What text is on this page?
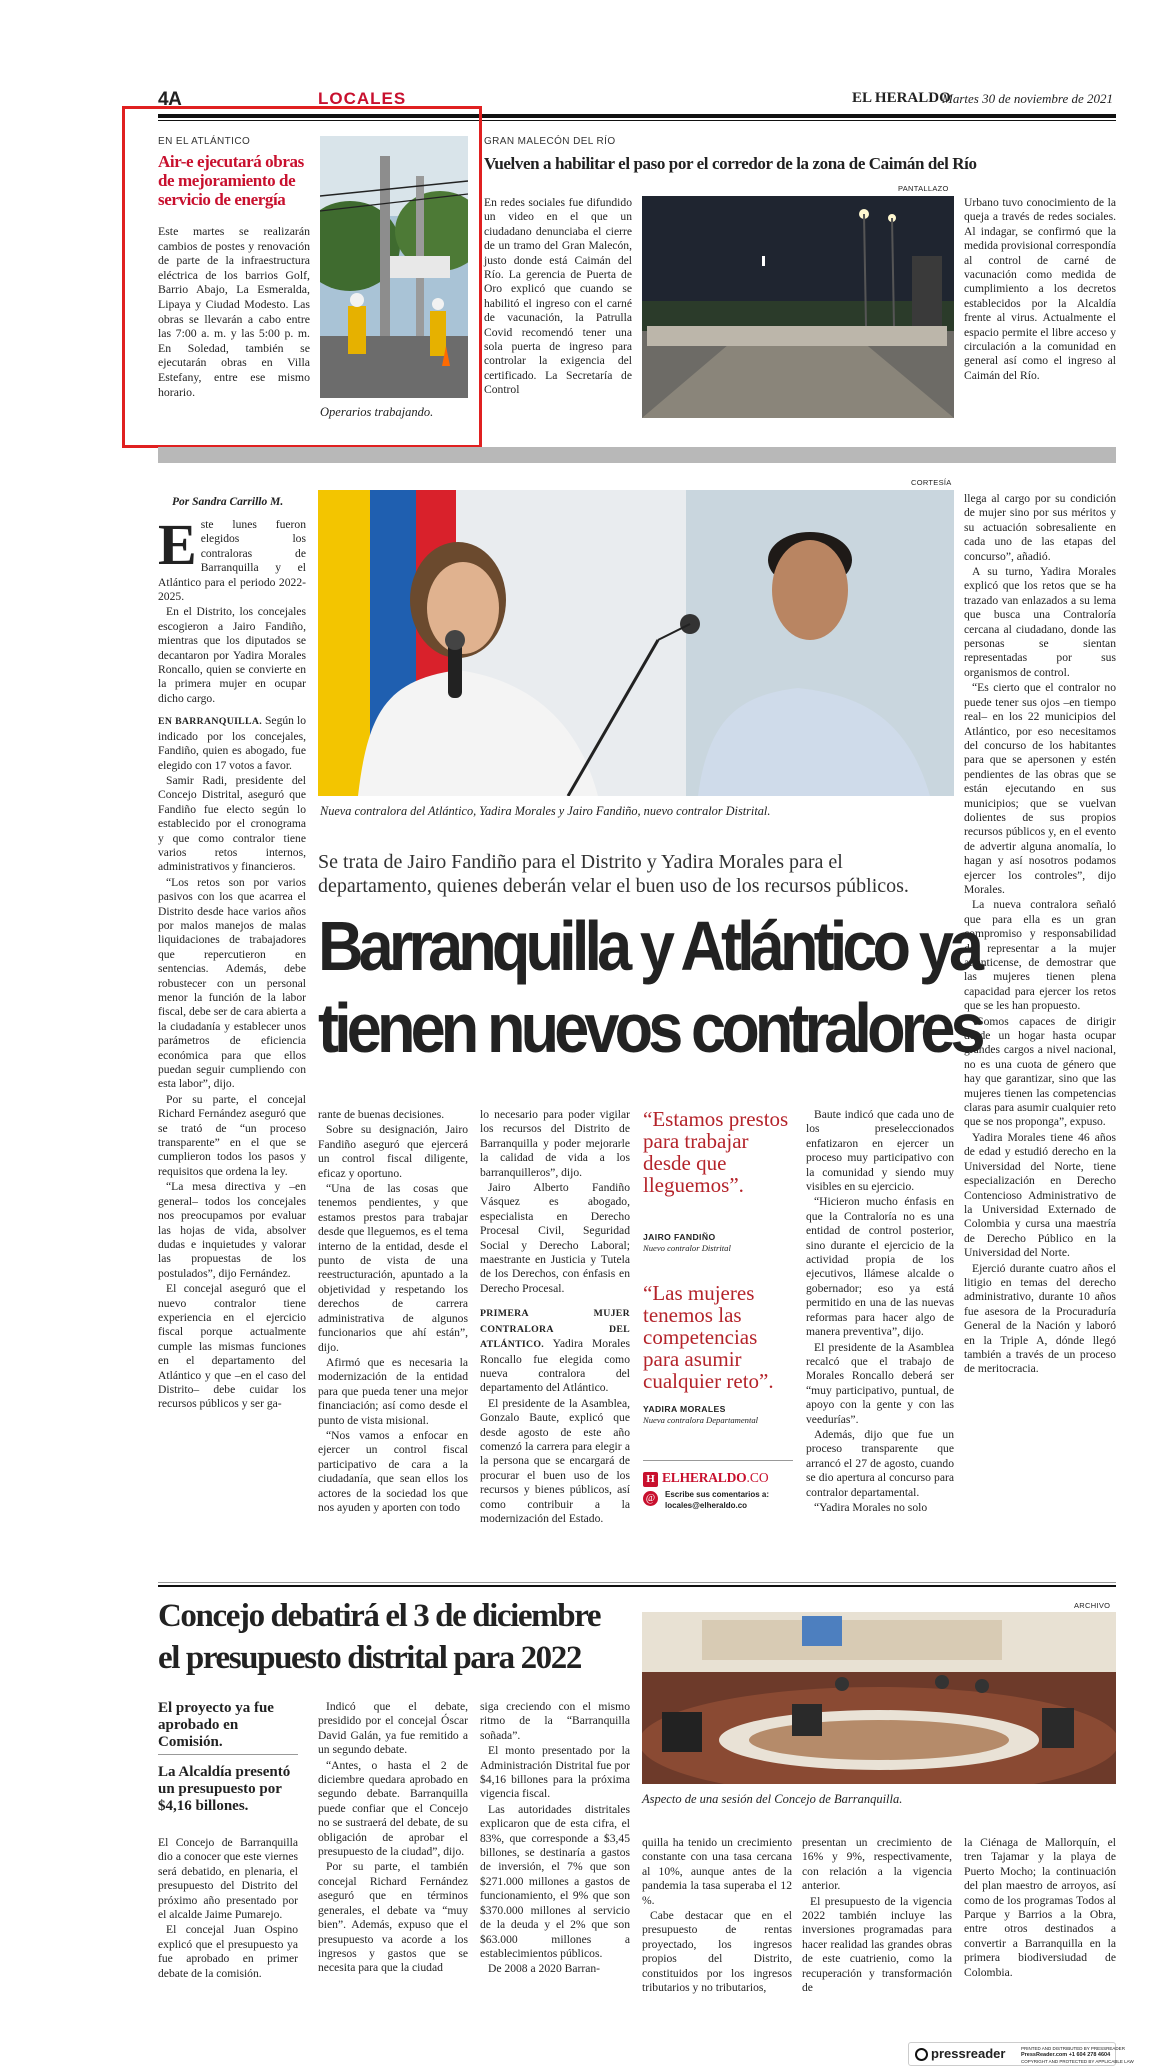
4A	LOCALES	EL HERALDO
Martes 30 de noviembre de 2021
EN EL ATLÁNTICO
Air-e ejecutará obras de mejoramiento de servicio de energía
Este martes se realizarán cambios de postes y renovación de parte de la infraestructura eléctrica de los barrios Golf, Barrio Abajo, La Esmeralda, Lipaya y Ciudad Modesto. Las obras se llevarán a cabo entre las 7:00 a. m. y las 5:00 p. m. En Soledad, también se ejecutarán obras en Villa Estefany, entre ese mismo horario.
Operarios trabajando.
GRAN MALECÓN DEL RÍO
Vuelven a habilitar el paso por el corredor de la zona de Caimán del Río
En redes sociales fue difundido un video en el que un ciudadano denunciaba el cierre de un tramo del Gran Malecón, justo donde está Caimán del Río. La gerencia de Puerta de Oro explicó que cuando se habilitó el ingreso con el carné de vacunación, la Patrulla Covid recomendó tener una sola puerta de ingreso para controlar la exigencia del certificado. La Secretaría de Control
PANTALLAZO
Urbano tuvo conocimiento de la queja a través de redes sociales. Al indagar, se confirmó que la medida provisional correspondía al control de carné de vacunación como medida de cumplimiento a los decretos establecidos por la Alcaldía frente al virus. Actualmente el espacio permite el libre acceso y circulación a la comunidad en general así como el ingreso al Caimán del Río.
Por Sandra Carrillo M.
CORTESÍA

Este lunes fueron elegidos los contraloras de Barranquilla y el Atlántico para el periodo 2022-2025.

En el Distrito, los concejales escogieron a Jairo Fandiño, mientras que los diputados se decantaron por Yadira Morales Roncallo, quien se convierte en la primera mujer en ocupar dicho cargo.

EN BARRANQUILLA. Según lo indicado por los concejales, Fandiño, quien es abogado, fue elegido con 17 votos a favor.

Samir Radi, presidente del Concejo Distrital, aseguró que Fandiño fue electo según lo establecido por el cronograma y que como contralor tiene varios retos internos, administrativos y financieros.

“Los retos son por varios pasivos con los que acarrea el Distrito desde hace varios años por malos manejos de malas liquidaciones de trabajadores que repercutieron en sentencias. Además, debe robustecer con un personal menor la función de la labor fiscal, debe ser de cara abierta a la ciudadanía y establecer unos parámetros de eficiencia económica para que ellos puedan seguir cumpliendo con esta labor”, dijo.

Por su parte, el concejal Richard Fernández aseguró que se trató de “un proceso transparente” en el que se cumplieron todos los pasos y requisitos que ordena la ley.

“La mesa directiva y –en general– todos los concejales nos preocupamos por evaluar las hojas de vida, absolver dudas e inquietudes y valorar las propuestas de los postulados”, dijo Fernández.

El concejal aseguró que el nuevo contralor tiene experiencia en el ejercicio fiscal porque actualmente cumple las mismas funciones en el departamento del Atlántico y que –en el caso del Distrito– debe cuidar los recursos públicos y ser ga-

Nueva contralora del Atlántico, Yadira Morales y Jairo Fandiño, nuevo contralor Distrital.
Se trata de Jairo Fandiño para el Distrito y Yadira Morales para el departamento, quienes deberán velar el buen uso de los recursos públicos.
Barranquilla y Atlántico ya
tienen nuevos contralores

rante de buenas decisiones.

Sobre su designación, Jairo Fandiño aseguró que ejercerá un control fiscal diligente, eficaz y oportuno.

“Una de las cosas que tenemos pendientes, y que estamos prestos para trabajar desde que lleguemos, es el tema interno de la entidad, desde el punto de vista de una reestructuración, apuntado a la objetividad y respetando los derechos de carrera administrativa de algunos funcionarios que ahí están”, dijo.

Afirmó que es necesaria la modernización de la entidad para que pueda tener una mejor financiación; así como desde el punto de vista misional.

“Nos vamos a enfocar en ejercer un control fiscal participativo de cara a la ciudadanía, que sean ellos los actores de la sociedad los que nos ayuden y aporten con todo

lo necesario para poder vigilar los recursos del Distrito de Barranquilla y poder mejorarle la calidad de vida a los barranquilleros”, dijo.

Jairo Alberto Fandiño Vásquez es abogado, especialista en Derecho Procesal Civil, Seguridad Social y Derecho Laboral; maestrante en Justicia y Tutela de los Derechos, con énfasis en Derecho Procesal.

PRIMERA MUJER CONTRALORA DEL ATLÁNTICO. Yadira Morales Roncallo fue elegida como nueva contralora del departamento del Atlántico.

El presidente de la Asamblea, Gonzalo Baute, explicó que desde agosto de este año comenzó la carrera para elegir a la persona que se encargará de procurar el buen uso de los recursos y bienes públicos, así como contribuir a la modernización del Estado.

“Estamos prestos para trabajar desde que lleguemos”.
JAIRO FANDIÑO
Nuevo contralor Distrital
“Las mujeres tenemos las competencias para asumir cualquier reto”.
YADIRA MORALES
Nueva contralora Departamental
H ELHERALDO.CO
@	Escribe sus comentarios a:
locales@elheraldo.co

Baute indicó que cada uno de los preseleccionados enfatizaron en ejercer un proceso muy participativo con la comunidad y siendo muy visibles en su ejercicio.

“Hicieron mucho énfasis en que la Contraloría no es una entidad de control posterior, sino durante el ejercicio de la actividad propia de los ejecutivos, llámese alcalde o gobernador; eso ya está permitido en una de las nuevas reformas para hacer algo de manera preventiva”, dijo.

El presidente de la Asamblea recalcó que el trabajo de Morales Roncallo deberá ser “muy participativo, puntual, de apoyo con la gente y con las veedurías”.

Además, dijo que fue un proceso transparente que arrancó el 27 de agosto, cuando se dio apertura al concurso para contralor departamental.

“Yadira Morales no solo

llega al cargo por su condición de mujer sino por sus méritos y su actuación sobresaliente en cada uno de las etapas del concurso”, añadió.

A su turno, Yadira Morales explicó que los retos que se ha trazado van enlazados a su lema que busca una Contraloría cercana al ciudadano, donde las personas se sientan representadas por sus organismos de control.

“Es cierto que el contralor no puede tener sus ojos –en tiempo real– en los 22 municipios del Atlántico, por eso necesitamos del concurso de los habitantes para que se apersonen y estén pendientes de las obras que se están ejecutando en sus municipios; que se vuelvan dolientes de sus propios recursos públicos y, en el evento de advertir alguna anomalía, lo hagan y así nosotros podamos ejercer los controles”, dijo Morales.

La nueva contralora señaló que para ella es un gran compromiso y responsabilidad de representar a la mujer atlanticense, de demostrar que las mujeres tienen plena capacidad para ejercer los retos que se les han propuesto.

“Somos capaces de dirigir desde un hogar hasta ocupar grandes cargos a nivel nacional, no es una cuota de género que hay que garantizar, sino que las mujeres tienen las competencias claras para asumir cualquier reto que se nos proponga”, expuso.

Yadira Morales tiene 46 años de edad y estudió derecho en la Universidad del Norte, tiene especialización en Derecho Contencioso Administrativo de la Universidad Externado de Colombia y cursa una maestría de Derecho Público en la Universidad del Norte.

Ejerció durante cuatro años el litigio en temas del derecho administrativo, durante 10 años fue asesora de la Procuraduría General de la Nación y laboró en la Triple A, dónde llegó también a través de un proceso de meritocracia.

Concejo debatirá el 3 de diciembre
el presupuesto distrital para 2022
ARCHIVO
Aspecto de una sesión del Concejo de Barranquilla.
El proyecto ya fue aprobado en Comisión.
La Alcaldía presentó un presupuesto por $4,16 billones.

El Concejo de Barranquilla dio a conocer que este viernes será debatido, en plenaria, el presupuesto del Distrito del próximo año presentado por el alcalde Jaime Pumarejo.

El concejal Juan Ospino explicó que el presupuesto ya fue aprobado en primer debate de la comisión.

Indicó que el debate, presidido por el concejal Óscar David Galán, ya fue remitido a un segundo debate.

“Antes, o hasta el 2 de diciembre quedara aprobado en segundo debate. Barranquilla puede confiar que el Concejo no se sustraerá del debate, de su obligación de aprobar el presupuesto de la ciudad”, dijo.

Por su parte, el también concejal Richard Fernández aseguró que en términos generales, el debate va “muy bien”. Además, expuso que el presupuesto va acorde a los ingresos y gastos que se necesita para que la ciudad

siga creciendo con el mismo ritmo de la “Barranquilla soñada”.

El monto presentado por la Administración Distrital fue por $4,16 billones para la próxima vigencia fiscal.

Las autoridades distritales explicaron que de esta cifra, el 83%, que corresponde a $3,45 billones, se destinaría a gastos de inversión, el 7% que son $271.000 millones a gastos de funcionamiento, el 9% que son $370.000 millones al servicio de la deuda y el 2% que son $63.000 millones a establecimientos públicos.

De 2008 a 2020 Barran-

quilla ha tenido un crecimiento constante con una tasa cercana al 10%, aunque antes de la pandemia la tasa superaba el 12 %.

Cabe destacar que en el presupuesto de rentas proyectado, los ingresos propios del Distrito, constituidos por los ingresos tributarios y no tributarios,

presentan un crecimiento de 16% y 9%, respectivamente, con relación a la vigencia anterior.

El presupuesto de la vigencia 2022 también incluye las inversiones programadas para hacer realidad las grandes obras de este cuatrienio, como la recuperación y transformación de

la Ciénaga de Mallorquín, el tren Tajamar y la playa de Puerto Mocho; la continuación del plan maestro de arroyos, así como de los programas Todos al Parque y Barrios a la Obra, entre otros destinados a convertir a Barranquilla en la primera biodiversiudad de Colombia.

pressreader	PRINTED AND DISTRIBUTED BY PRESSREADER
PressReader.com +1 604 278 4604
COPYRIGHT AND PROTECTED BY APPLICABLE LAW
